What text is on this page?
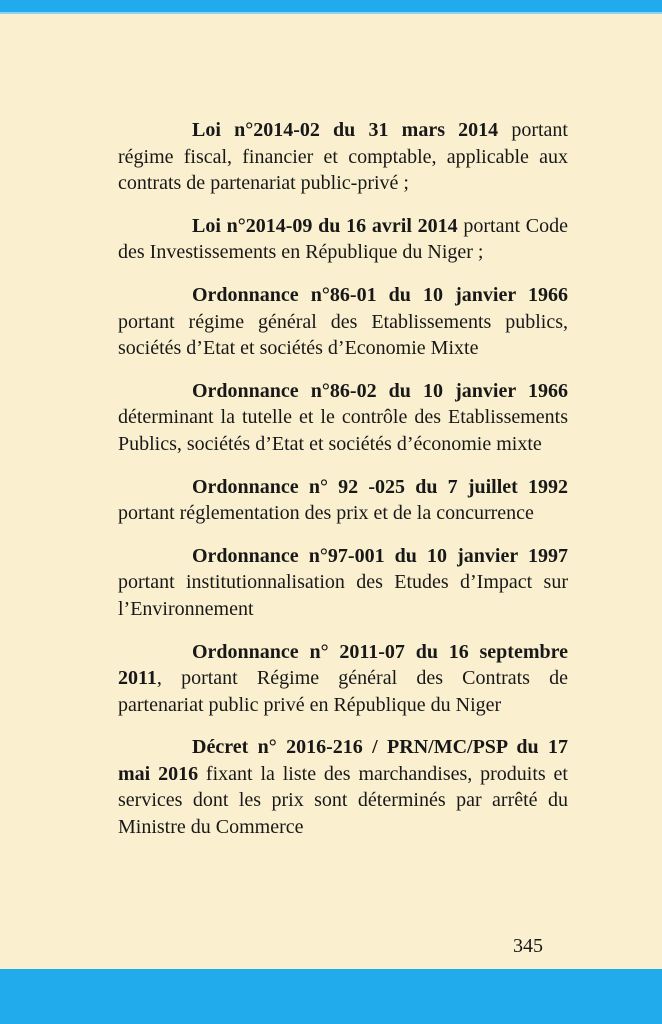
Loi n°2014-02 du 31 mars 2014 portant régime fiscal, financier et comptable, applicable aux contrats de partenariat public-privé ;

Loi n°2014-09 du 16 avril 2014 portant Code des Investissements en République du Niger ;

Ordonnance n°86-01 du 10 janvier 1966 portant régime général des Etablissements publics, sociétés d’Etat et sociétés d’Economie Mixte

Ordonnance n°86-02 du 10 janvier 1966 déterminant la tutelle et le contrôle des Etablissements Publics, sociétés d’Etat et sociétés d’économie mixte

Ordonnance n° 92 -025 du 7 juillet 1992 portant réglementation des prix et de la concurrence

Ordonnance n°97-001 du 10 janvier 1997 portant institutionnalisation des Etudes d’Impact sur l’Environnement

Ordonnance n° 2011-07 du 16 septembre 2011, portant Régime général des Contrats de partenariat public privé en République du Niger

Décret n° 2016-216 / PRN/MC/PSP du 17 mai 2016 fixant la liste des marchandises, produits et services dont les prix sont déterminés par arrêté du Ministre du Commerce

345
